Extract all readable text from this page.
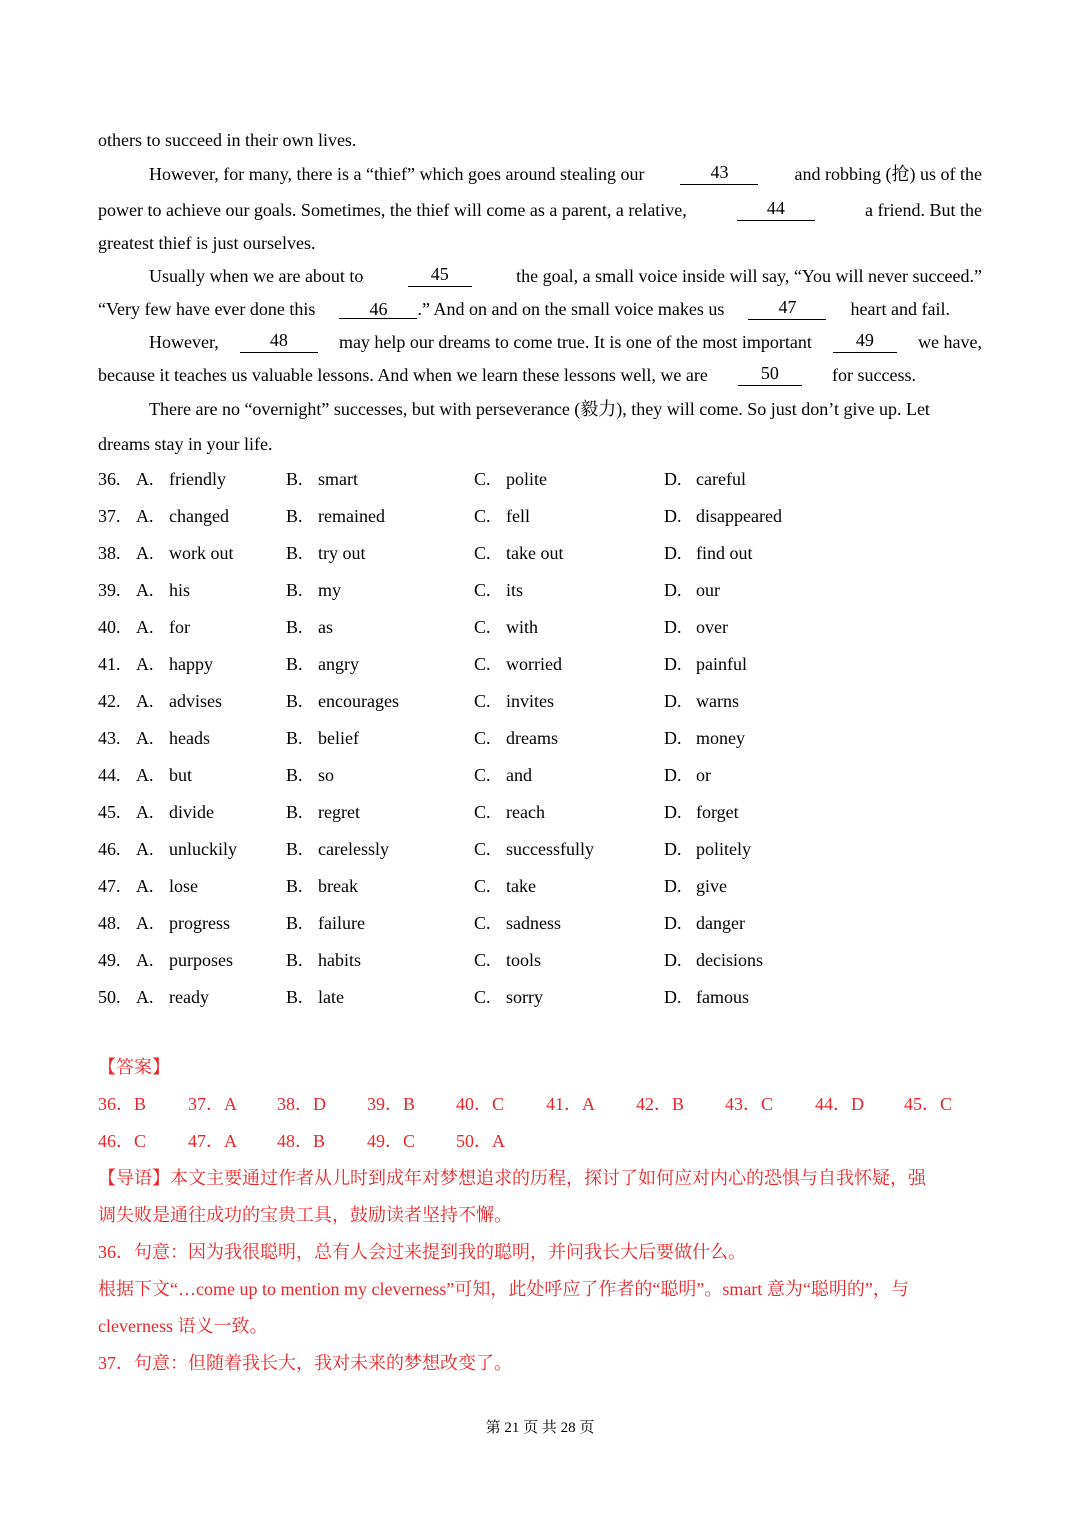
others to succeed in their own lives.
However, for many, there is a “thief” which goes around stealing our	43	and robbing (抢) us of the
power to achieve our goals. Sometimes, the thief will come as a parent, a relative,	44	a friend. But the
greatest thief is just ourselves.
Usually when we are about to	45	the goal, a small voice inside will say, “You will never succeed.”
“Very few have ever done this	46 .” And on and on the small voice makes us	47	heart and fail.
However,	48	may help our dreams to come true. It is one of the most important	49	we have,
because it teaches us valuable lessons. And when we learn these lessons well, we are	50	for success.
There are no “overnight” successes, but with perseverance (毅力), they will come. So just don’t give up. Let
dreams stay in your life.
36. A. friendly	B. smart	C. polite	D. careful
37. A. changed	B. remained	C. fell	D. disappeared
38. A. work out	B. try out	C. take out	D. find out
39. A. his	B. my	C. its	D. our
40. A. for	B. as	C. with	D. over
41. A. happy	B. angry	C. worried	D. painful
42. A. advises	B. encourages	C. invites	D. warns
43. A. heads	B. belief	C. dreams	D. money
44. A. but	B. so	C. and	D. or
45. A. divide	B. regret	C. reach	D. forget
46. A. unluckily	B. carelessly	C. successfully	D. politely
47. A. lose	B. break	C. take	D. give
48. A. progress	B. failure	C. sadness	D. danger
49. A. purposes	B. habits	C. tools	D. decisions
50. A. ready	B. late	C. sorry	D. famous
【答案】
36．B 37．A 38．D 39．B 40．C 41．A 42．B 43．C 44．D 45．C
46．C 47．A 48．B 49．C 50．A
【导语】本文主要通过作者从儿时到成年对梦想追求的历程，探讨了如何应对内心的恐惧与自我怀疑，强
调失败是通往成功的宝贵工具，鼓励读者坚持不懈。
36．句意：因为我很聪明，总有人会过来提到我的聪明，并问我长大后要做什么。
根据下文“…come up to mention my cleverness”可知，此处呼应了作者的“聪明”。smart 意为“聪明的”，与
cleverness 语义一致。
37．句意：但随着我长大，我对未来的梦想改变了。
第 21 页 共 28 页
